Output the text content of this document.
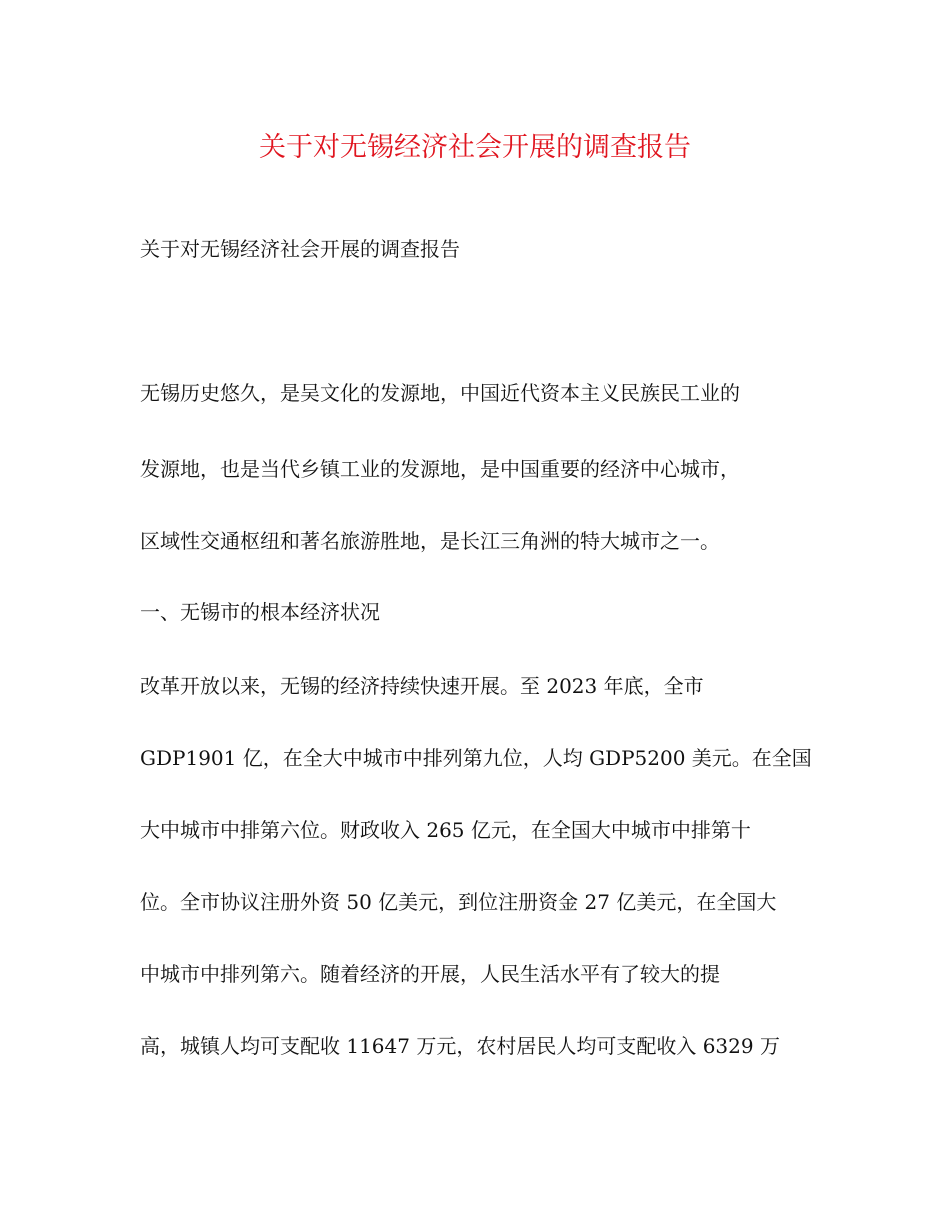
关于对无锡经济社会开展的调查报告
关于对无锡经济社会开展的调查报告
无锡历史悠久，是吴文化的发源地，中国近代资本主义民族民工业的
发源地，也是当代乡镇工业的发源地，是中国重要的经济中心城市，
区域性交通枢纽和著名旅游胜地，是长江三角洲的特大城市之一。
一、无锡市的根本经济状况
改革开放以来，无锡的经济持续快速开展。至 2023 年底，全市
GDP1901 亿，在全大中城市中排列第九位，人均 GDP5200 美元。在全国
大中城市中排第六位。财政收入 265 亿元，在全国大中城市中排第十
位。全市协议注册外资 50 亿美元，到位注册资金 27 亿美元，在全国大
中城市中排列第六。随着经济的开展，人民生活水平有了较大的提
高，城镇人均可支配收 11647 万元，农村居民人均可支配收入 6329 万
